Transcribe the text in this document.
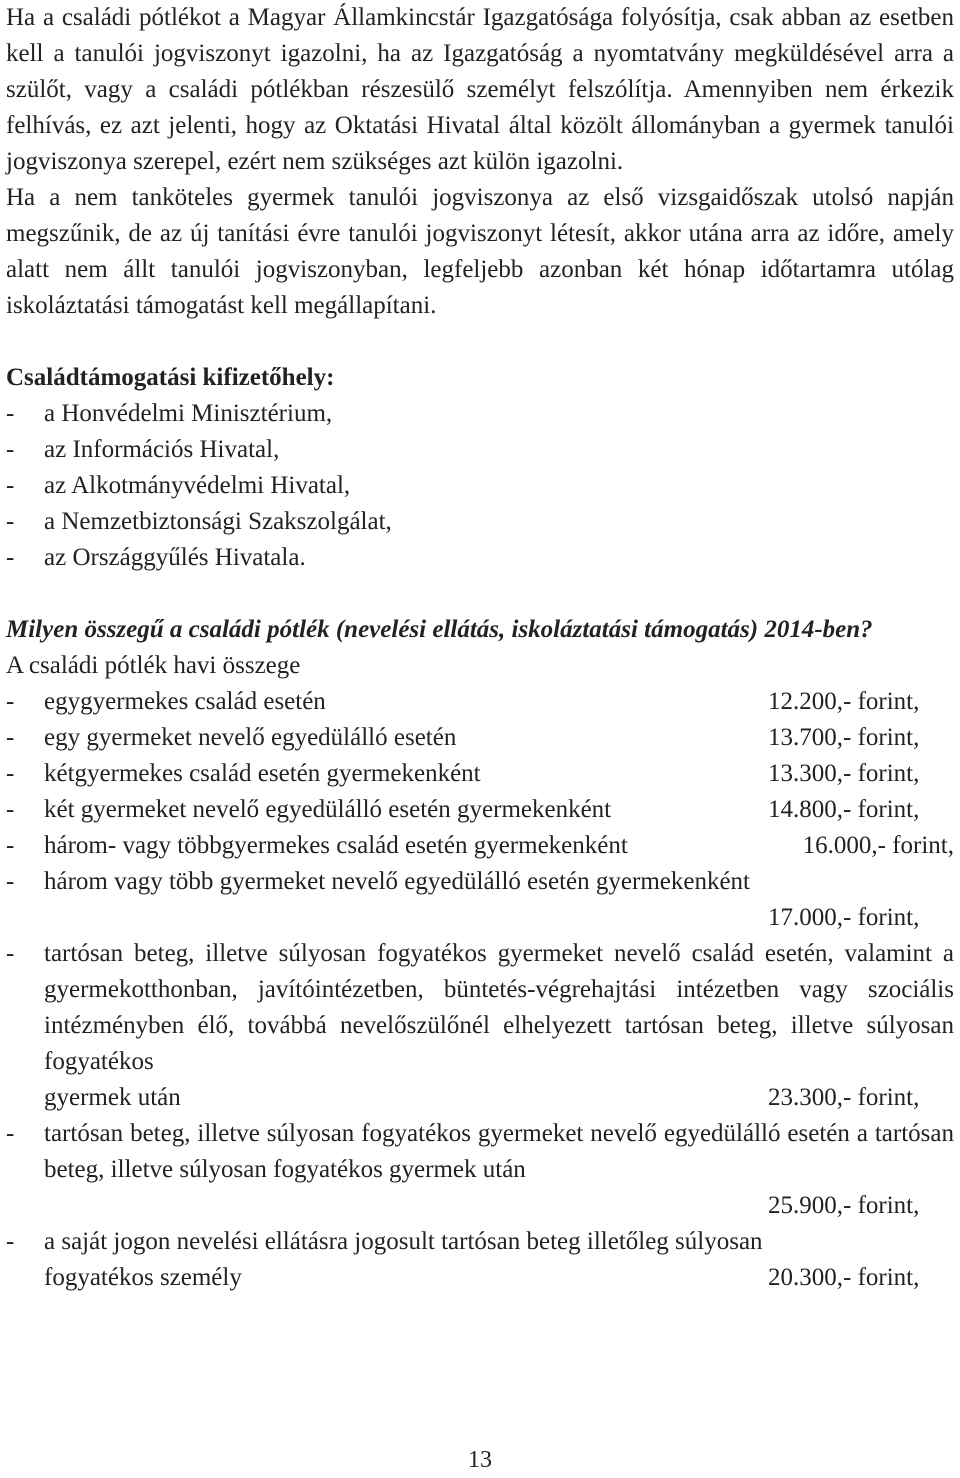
Ha a családi pótlékot a Magyar Államkincstár Igazgatósága folyósítja, csak abban az esetben kell a tanulói jogviszonyt igazolni, ha az Igazgatóság a nyomtatvány megküldésével arra a szülőt, vagy a családi pótlékban részesülő személyt felszólítja. Amennyiben nem érkezik felhívás, ez azt jelenti, hogy az Oktatási Hivatal által közölt állományban a gyermek tanulói jogviszonya szerepel, ezért nem szükséges azt külön igazolni.

Ha a nem tanköteles gyermek tanulói jogviszonya az első vizsgaidőszak utolsó napján megszűnik, de az új tanítási évre tanulói jogviszonyt létesít, akkor utána arra az időre, amely alatt nem állt tanulói jogviszonyban, legfeljebb azonban két hónap időtartamra utólag iskoláztatási támogatást kell megállapítani.

Családtámogatási kifizetőhely:
-	a Honvédelmi Minisztérium,
-	az Információs Hivatal,
-	az Alkotmányvédelmi Hivatal,
-	a Nemzetbiztonsági Szakszolgálat,
-	az Országgyűlés Hivatala.

Milyen összegű a családi pótlék (nevelési ellátás, iskoláztatási támogatás) 2014-ben?

A családi pótlék havi összege
-	egygyermekes család esetén	12.200,- forint,
-	egy gyermeket nevelő egyedülálló esetén	13.700,- forint,
-	kétgyermekes család esetén gyermekenként	13.300,- forint,
-	két gyermeket nevelő egyedülálló esetén gyermekenként	14.800,- forint,
-	három- vagy többgyermekes család esetén gyermekenként	16.000,- forint,
-	három vagy több gyermeket nevelő egyedülálló esetén gyermekenként
17.000,- forint,
-	tartósan beteg, illetve súlyosan fogyatékos gyermeket nevelő család esetén, valamint a gyermekotthonban, javítóintézetben, büntetés-végrehajtási intézetben vagy szociális intézményben élő, továbbá nevelőszülőnél elhelyezett tartósan beteg, illetve súlyosan fogyatékos

gyermek után	23.300,- forint,
-	tartósan beteg, illetve súlyosan fogyatékos gyermeket nevelő egyedülálló esetén a tartósan beteg, illetve súlyosan fogyatékos gyermek után

25.900,- forint,
-	a saját jogon nevelési ellátásra jogosult tartósan beteg illetőleg súlyosan

fogyatékos személy	20.300,- forint,
13
